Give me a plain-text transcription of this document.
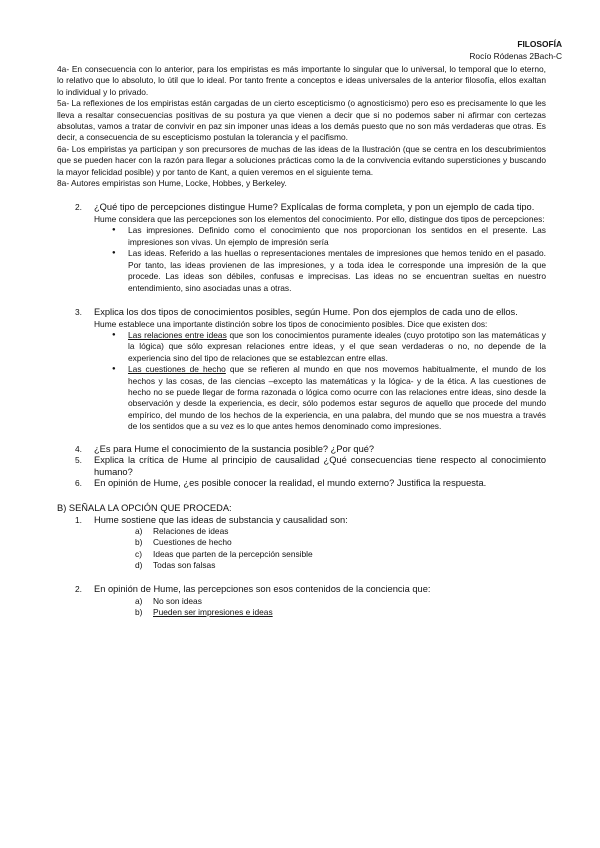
FILOSOFÍA
Rocío Ródenas 2Bach-C

4a- En consecuencia con lo anterior, para los empiristas es más importante lo singular que lo universal, lo temporal que lo eterno, lo relativo que lo absoluto, lo útil que lo ideal. Por tanto frente a conceptos e ideas universales de la anterior filosofía, ellos exaltan lo individual y lo privado.

5a- La reflexiones de los empiristas están cargadas de un cierto escepticismo (o agnosticismo) pero eso es precisamente lo que les lleva a resaltar consecuencias positivas de su postura ya que vienen a decir que si no podemos saber ni afirmar con certezas absolutas, vamos a tratar de convivir en paz sin imponer unas ideas a los demás puesto que no son más verdaderas que otras. Es decir, a consecuencia de su escepticismo postulan la tolerancia y el pacifismo.

6a- Los empiristas ya participan y son precursores de muchas de las ideas de la Ilustración (que se centra en los descubrimientos que se pueden hacer con la razón para llegar a soluciones prácticas como la de la convivencia evitando supersticiones y buscando la mayor felicidad posible) y por tanto de Kant, a quien veremos en el siguiente tema.

8a- Autores empiristas son Hume, Locke, Hobbes, y Berkeley.

2.	¿Qué tipo de percepciones distingue Hume? Explícalas de forma completa, y pon un ejemplo de cada tipo.

Hume considera que las percepciones son los elementos del conocimiento. Por ello, distingue dos tipos de percepciones:

● Las impresiones. Definido como el conocimiento que nos proporcionan los sentidos en el presente. Las impresiones son vivas. Un ejemplo de impresión sería
● Las ideas. Referido a las huellas o representaciones mentales de impresiones que hemos tenido en el pasado. Por tanto, las ideas provienen de las impresiones, y a toda idea le corresponde una impresión de la que procede. Las ideas son débiles, confusas e imprecisas. Las ideas no se encuentran sueltas en nuestro entendimiento, sino asociadas unas a otras.
3.	Explica los dos tipos de conocimientos posibles, según Hume. Pon dos ejemplos de cada uno de ellos.

Hume establece una importante distinción sobre los tipos de conocimiento posibles. Dice que existen dos:

● Las relaciones entre ideas que son los conocimientos puramente ideales (cuyo prototipo son las matemáticas y la lógica) que sólo expresan relaciones entre ideas, y el que sean verdaderas o no, no depende de la experiencia sino del tipo de relaciones que se establezcan entre ellas.
● Las cuestiones de hecho que se refieren al mundo en que nos movemos habitualmente, el mundo de los hechos y las cosas, de las ciencias –excepto las matemáticas y la lógica- y de la ética. A las cuestiones de hecho no se puede llegar de forma razonada o lógica como ocurre con las relaciones entre ideas, sino desde la observación y desde la experiencia, es decir, sólo podemos estar seguros de aquello que procede del mundo empírico, del mundo de los hechos de la experiencia, en una palabra, del mundo que se nos muestra a través de los sentidos que a su vez es lo que antes hemos denominado como impresiones.
4.	¿Es para Hume el conocimiento de la sustancia posible? ¿Por qué?
5.	Explica la crítica de Hume al principio de causalidad ¿Qué consecuencias tiene respecto al conocimiento humano?
6.	En opinión de Hume, ¿es posible conocer la realidad, el mundo externo? Justifica la respuesta.

B) SEÑALA LA OPCIÓN QUE PROCEDA:

1.	Hume sostiene que las ideas de substancia y causalidad son:
a)	Relaciones de ideas
b)	Cuestiones de hecho
c)	Ideas que parten de la percepción sensible
d)	Todas son falsas
2.	En opinión de Hume, las percepciones son esos contenidos de la conciencia que:
a)	No son ideas
b)	Pueden ser impresiones e ideas
